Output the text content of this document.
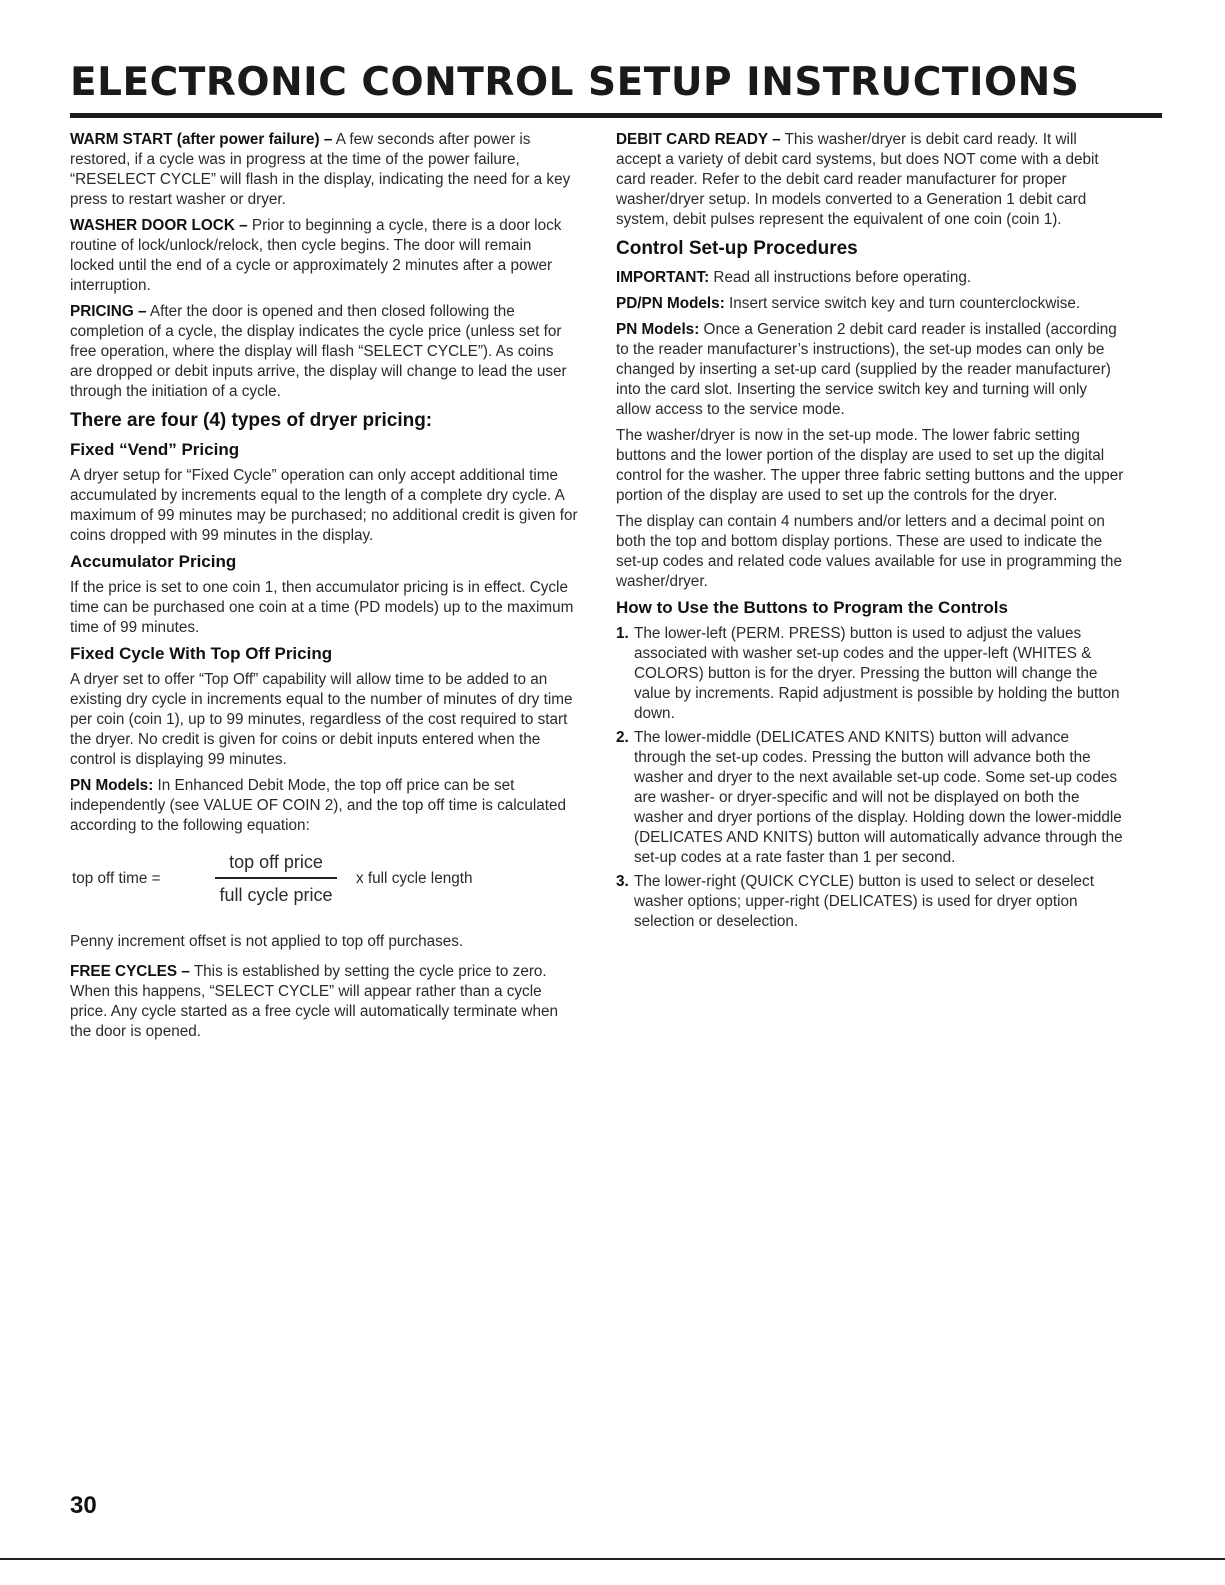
ELECTRONIC CONTROL SETUP INSTRUCTIONS

WARM START (after power failure) – A few seconds after power is restored, if a cycle was in progress at the time of the power failure, “RESELECT CYCLE” will flash in the display, indicating the need for a key press to restart washer or dryer.

WASHER DOOR LOCK – Prior to beginning a cycle, there is a door lock routine of lock/unlock/relock, then cycle begins. The door will remain locked until the end of a cycle or approximately 2 minutes after a power interruption.

PRICING – After the door is opened and then closed following the completion of a cycle, the display indicates the cycle price (unless set for free operation, where the display will flash “SELECT CYCLE”). As coins are dropped or debit inputs arrive, the display will change to lead the user through the initiation of a cycle.

There are four (4) types of dryer pricing:
Fixed “Vend” Pricing

A dryer setup for “Fixed Cycle” operation can only accept additional time accumulated by increments equal to the length of a complete dry cycle. A maximum of 99 minutes may be purchased; no additional credit is given for coins dropped with 99 minutes in the display.

Accumulator Pricing

If the price is set to one coin 1, then accumulator pricing is in effect. Cycle time can be purchased one coin at a time (PD models) up to the maximum time of 99 minutes.

Fixed Cycle With Top Off Pricing

A dryer set to offer “Top Off” capability will allow time to be added to an existing dry cycle in increments equal to the number of minutes of dry time per coin (coin 1), up to 99 minutes, regardless of the cost required to start the dryer. No credit is given for coins or debit inputs entered when the control is displaying 99 minutes.

PN Models: In Enhanced Debit Mode, the top off price can be set independently (see VALUE OF COIN 2), and the top off time is calculated according to the following equation:

top off time =
top off price
full cycle price
x full cycle length

Penny increment offset is not applied to top off purchases.

FREE CYCLES – This is established by setting the cycle price to zero. When this happens, “SELECT CYCLE” will appear rather than a cycle price. Any cycle started as a free cycle will automatically terminate when the door is opened.

DEBIT CARD READY – This washer/dryer is debit card ready. It will accept a variety of debit card systems, but does NOT come with a debit card reader. Refer to the debit card reader manufacturer for proper washer/dryer setup. In models converted to a Generation 1 debit card system, debit pulses represent the equivalent of one coin (coin 1).

Control Set-up Procedures

IMPORTANT: Read all instructions before operating.

PD/PN Models: Insert service switch key and turn counterclockwise.

PN Models: Once a Generation 2 debit card reader is installed (according to the reader manufacturer’s instructions), the set-up modes can only be changed by inserting a set-up card (supplied by the reader manufacturer) into the card slot. Inserting the service switch key and turning will only allow access to the service mode.

The washer/dryer is now in the set-up mode. The lower fabric setting buttons and the lower portion of the display are used to set up the digital control for the washer. The upper three fabric setting buttons and the upper portion of the display are used to set up the controls for the dryer.

The display can contain 4 numbers and/or letters and a decimal point on both the top and bottom display portions. These are used to indicate the set-up codes and related code values available for use in programming the washer/dryer.

How to Use the Buttons to Program the Controls
1. The lower-left (PERM. PRESS) button is used to adjust the values associated with washer set-up codes and the upper-left (WHITES & COLORS) button is for the dryer. Pressing the button will change the value by increments. Rapid adjustment is possible by holding the button down.
2. The lower-middle (DELICATES AND KNITS) button will advance through the set-up codes. Pressing the button will advance both the washer and dryer to the next available set-up code. Some set-up codes are washer- or dryer-specific and will not be displayed on both the washer and dryer portions of the display. Holding down the lower-middle (DELICATES AND KNITS) button will automatically advance through the set-up codes at a rate faster than 1 per second.
3. The lower-right (QUICK CYCLE) button is used to select or deselect washer options; upper-right (DELICATES) is used for dryer option selection or deselection.
30
